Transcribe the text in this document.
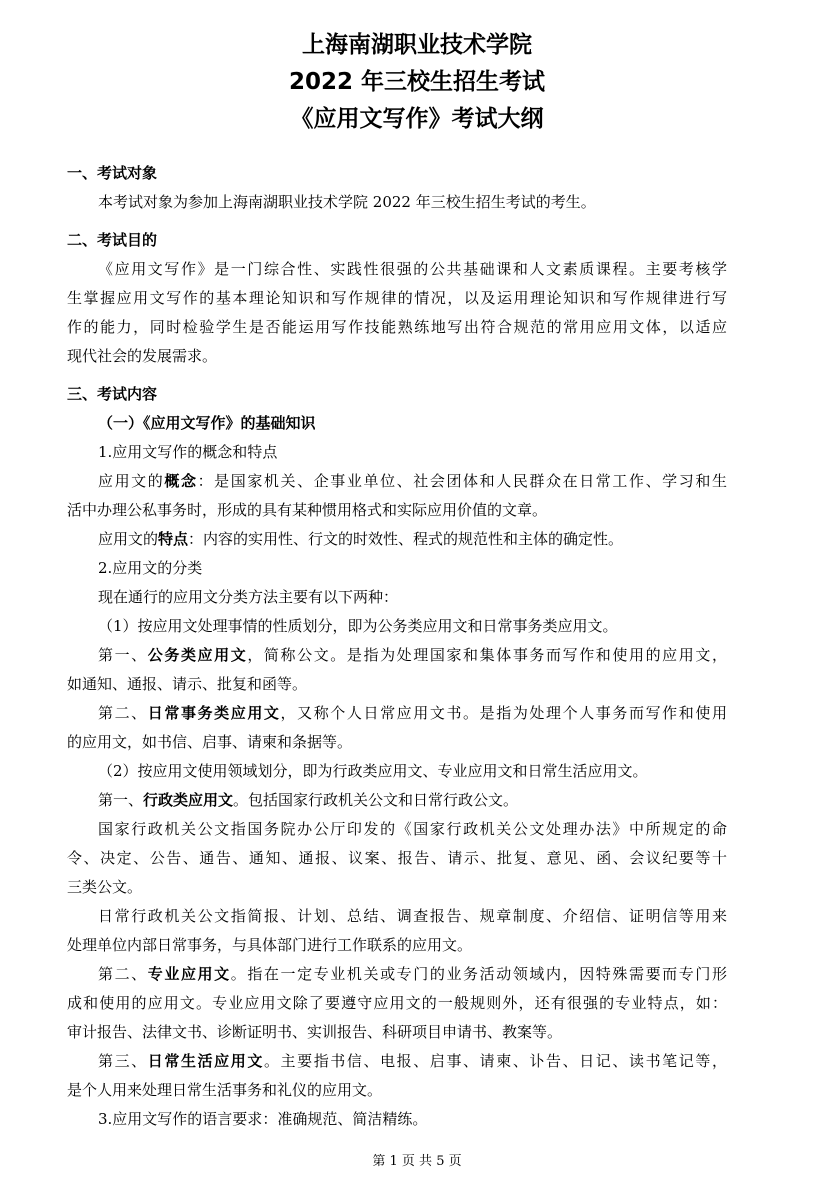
上海南湖职业技术学院
2022 年三校生招生考试
《应用文写作》考试大纲
一、考试对象
本考试对象为参加上海南湖职业技术学院 2022 年三校生招生考试的考生。
二、考试目的
《应用文写作》是一门综合性、实践性很强的公共基础课和人文素质课程。主要考核学
生掌握应用文写作的基本理论知识和写作规律的情况，以及运用理论知识和写作规律进行写
作的能力，同时检验学生是否能运用写作技能熟练地写出符合规范的常用应用文体，以适应
现代社会的发展需求。
三、考试内容
（一）《应用文写作》的基础知识
1.应用文写作的概念和特点
应用文的概念：是国家机关、企事业单位、社会团体和人民群众在日常工作、学习和生
活中办理公私事务时，形成的具有某种惯用格式和实际应用价值的文章。
应用文的特点：内容的实用性、行文的时效性、程式的规范性和主体的确定性。
2.应用文的分类
现在通行的应用文分类方法主要有以下两种：
（1）按应用文处理事情的性质划分，即为公务类应用文和日常事务类应用文。
第一、公务类应用文，简称公文。是指为处理国家和集体事务而写作和使用的应用文，
如通知、通报、请示、批复和函等。
第二、日常事务类应用文，又称个人日常应用文书。是指为处理个人事务而写作和使用
的应用文，如书信、启事、请柬和条据等。
（2）按应用文使用领域划分，即为行政类应用文、专业应用文和日常生活应用文。
第一、行政类应用文。包括国家行政机关公文和日常行政公文。
国家行政机关公文指国务院办公厅印发的《国家行政机关公文处理办法》中所规定的命
令、决定、公告、通告、通知、通报、议案、报告、请示、批复、意见、函、会议纪要等十
三类公文。
日常行政机关公文指简报、计划、总结、调查报告、规章制度、介绍信、证明信等用来
处理单位内部日常事务，与具体部门进行工作联系的应用文。
第二、专业应用文。指在一定专业机关或专门的业务活动领域内，因特殊需要而专门形
成和使用的应用文。专业应用文除了要遵守应用文的一般规则外，还有很强的专业特点，如：
审计报告、法律文书、诊断证明书、实训报告、科研项目申请书、教案等。
第三、日常生活应用文。主要指书信、电报、启事、请柬、讣告、日记、读书笔记等，
是个人用来处理日常生活事务和礼仪的应用文。
3.应用文写作的语言要求：准确规范、简洁精练。
第 1 页 共 5 页
